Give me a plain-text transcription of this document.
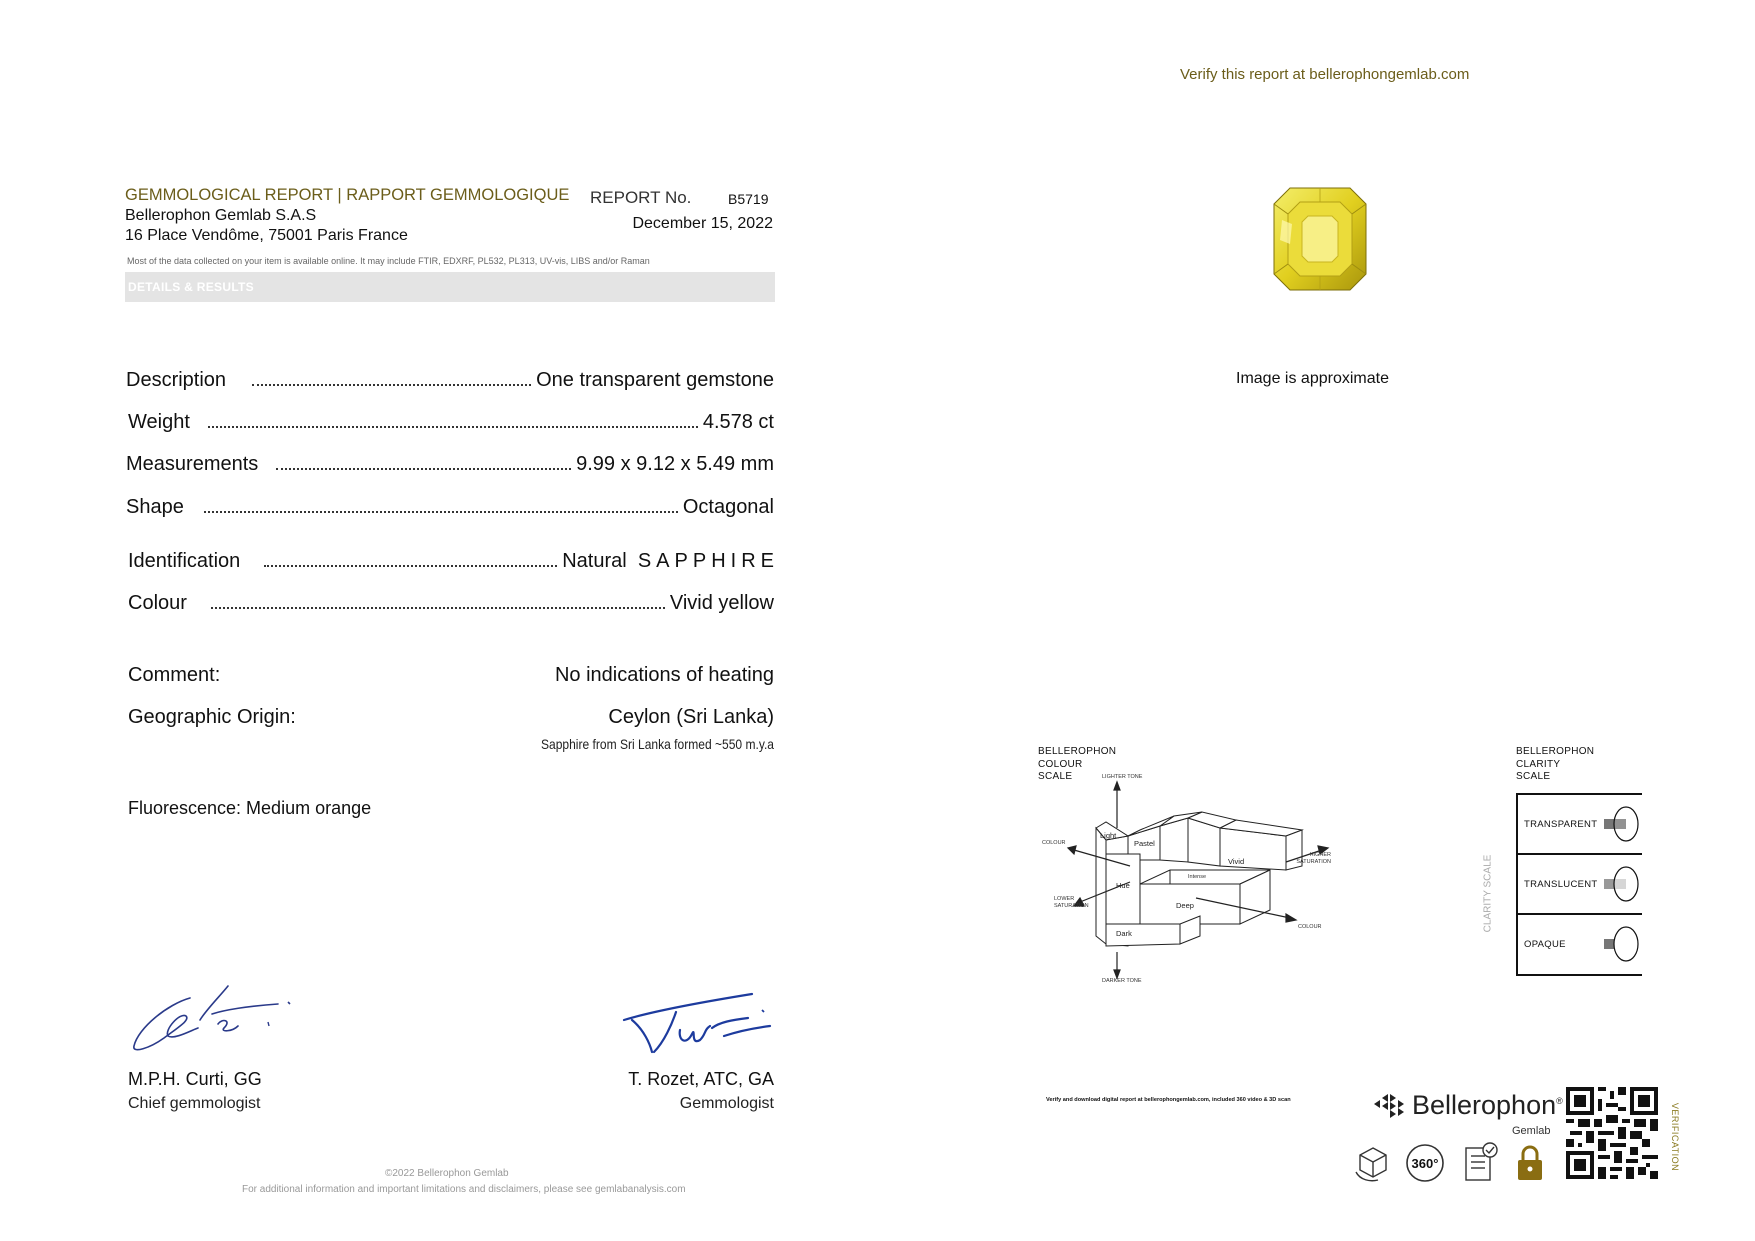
Verify this report at bellerophongemlab.com
GEMMOLOGICAL REPORT | RAPPORT GEMMOLOGIQUE
Bellerophon Gemlab S.A.S
16 Place Vendôme, 75001 Paris France
REPORT No.	B5719
December 15, 2022
Most of the data collected on your item is available online. It may include FTIR, EDXRF, PL532, PL313, UV-vis, LIBS and/or Raman
DETAILS & RESULTS
Description	One transparent gemstone
Weight	4.578 ct
Measurements	9.99 x 9.12 x 5.49 mm
Shape	Octagonal
Identification	Natural SAPPHIRE
Colour	Vivid yellow
Comment:	No indications of heating
Geographic Origin:	Ceylon (Sri Lanka)
Sapphire from Sri Lanka formed ~550 m.y.a
Fluorescence: Medium orange
M.P.H. Curti, GG
Chief gemmologist
T. Rozet, ATC, GA
Gemmologist
©2022 Bellerophon Gemlab
For additional information and important limitations and disclaimers, please see gemlabanalysis.com
Image is approximate
BELLEROPHON
COLOUR
SCALE	LIGHTER TONE
DARKER TONE
COLOUR
COLOUR
LOWER
SATURATION
HIGHER
SATURATION
Light
Pastel
Hue
Intense
Vivid
Deep
Dark
BELLEROPHON
CLARITY
SCALE
CLARITY SCALE
TRANSPARENT
TRANSLUCENT
OPAQUE
Verify and download digital report at bellerophongemlab.com, included 360 video & 3D scan	Bellerophon®
Gemlab
360°	VERIFICATION
